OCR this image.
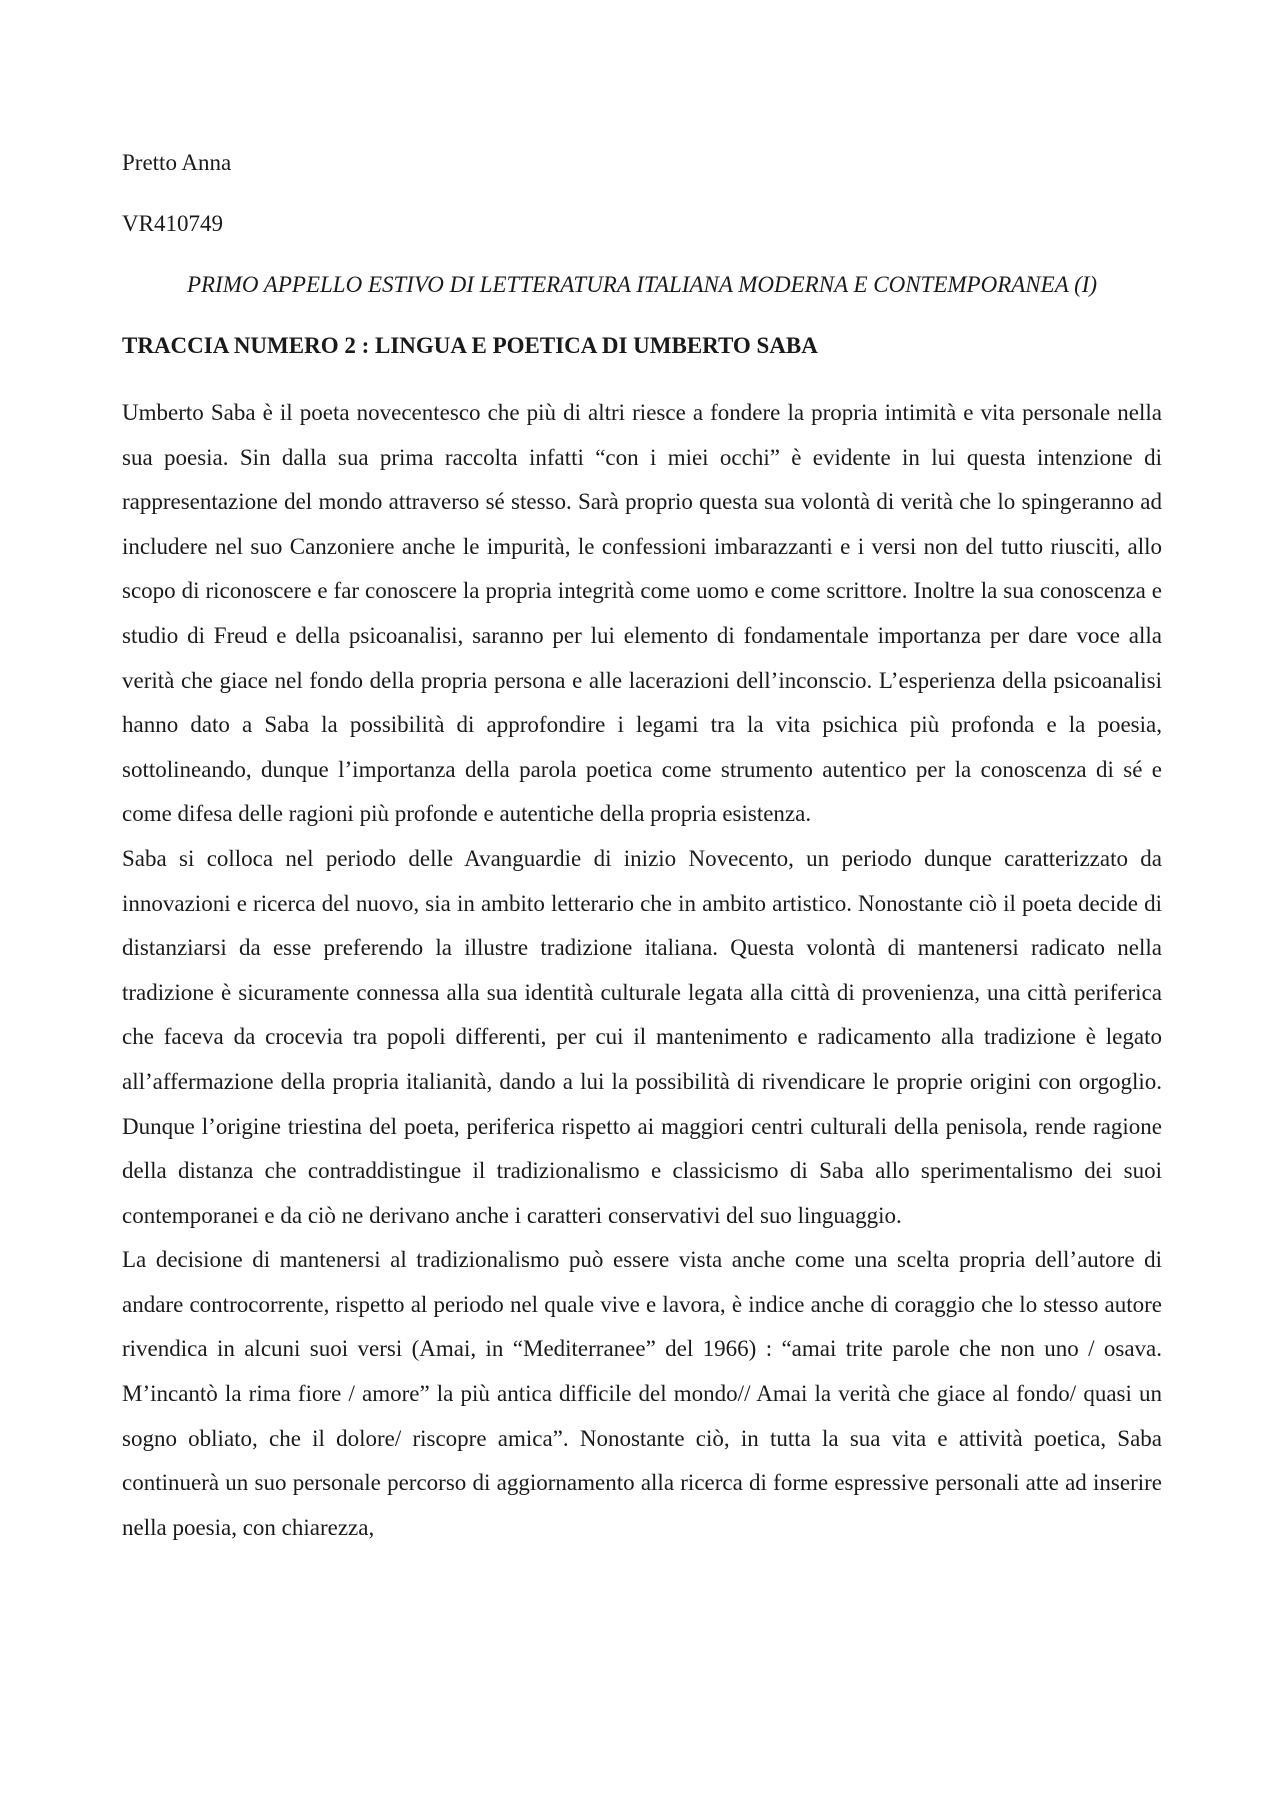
Pretto Anna

VR410749

PRIMO APPELLO ESTIVO DI LETTERATURA ITALIANA MODERNA E CONTEMPORANEA (I)

TRACCIA NUMERO 2 : LINGUA E POETICA DI UMBERTO SABA

Umberto Saba è il poeta novecentesco che più di altri riesce a fondere la propria intimità e vita personale nella sua poesia. Sin dalla sua prima raccolta infatti “con i miei occhi” è evidente in lui questa intenzione di rappresentazione del mondo attraverso sé stesso. Sarà proprio questa sua volontà di verità che lo spingeranno ad includere nel suo Canzoniere anche le impurità, le confessioni imbarazzanti e i versi non del tutto riusciti, allo scopo di riconoscere e far conoscere la propria integrità come uomo e come scrittore. Inoltre la sua conoscenza e studio di Freud e della psicoanalisi, saranno per lui elemento di fondamentale importanza per dare voce alla verità che giace nel fondo della propria persona e alle lacerazioni dell’inconscio. L’esperienza della psicoanalisi hanno dato a Saba la possibilità di approfondire i legami tra la vita psichica più profonda e la poesia, sottolineando, dunque l’importanza della parola poetica come strumento autentico per la conoscenza di sé e come difesa delle ragioni più profonde e autentiche della propria esistenza.

Saba si colloca nel periodo delle Avanguardie di inizio Novecento, un periodo dunque caratterizzato da innovazioni e ricerca del nuovo, sia in ambito letterario che in ambito artistico. Nonostante ciò il poeta decide di distanziarsi da esse preferendo la illustre tradizione italiana. Questa volontà di mantenersi radicato nella tradizione è sicuramente connessa alla sua identità culturale legata alla città di provenienza, una città periferica che faceva da crocevia tra popoli differenti, per cui il mantenimento e radicamento alla tradizione è legato all’affermazione della propria italianità, dando a lui la possibilità di rivendicare le proprie origini con orgoglio. Dunque l’origine triestina del poeta, periferica rispetto ai maggiori centri culturali della penisola, rende ragione della distanza che contraddistingue il tradizionalismo e classicismo di Saba allo sperimentalismo dei suoi contemporanei e da ciò ne derivano anche i caratteri conservativi del suo linguaggio.

La decisione di mantenersi al tradizionalismo può essere vista anche come una scelta propria dell’autore di andare controcorrente, rispetto al periodo nel quale vive e lavora, è indice anche di coraggio che lo stesso autore rivendica in alcuni suoi versi (Amai, in “Mediterranee” del 1966) : “amai trite parole che non uno / osava. M’incantò la rima fiore / amore” la più antica difficile del mondo// Amai la verità che giace al fondo/ quasi un sogno obliato, che il dolore/ riscopre amica”. Nonostante ciò, in tutta la sua vita e attività poetica, Saba continuerà un suo personale percorso di aggiornamento alla ricerca di forme espressive personali atte ad inserire nella poesia, con chiarezza,
